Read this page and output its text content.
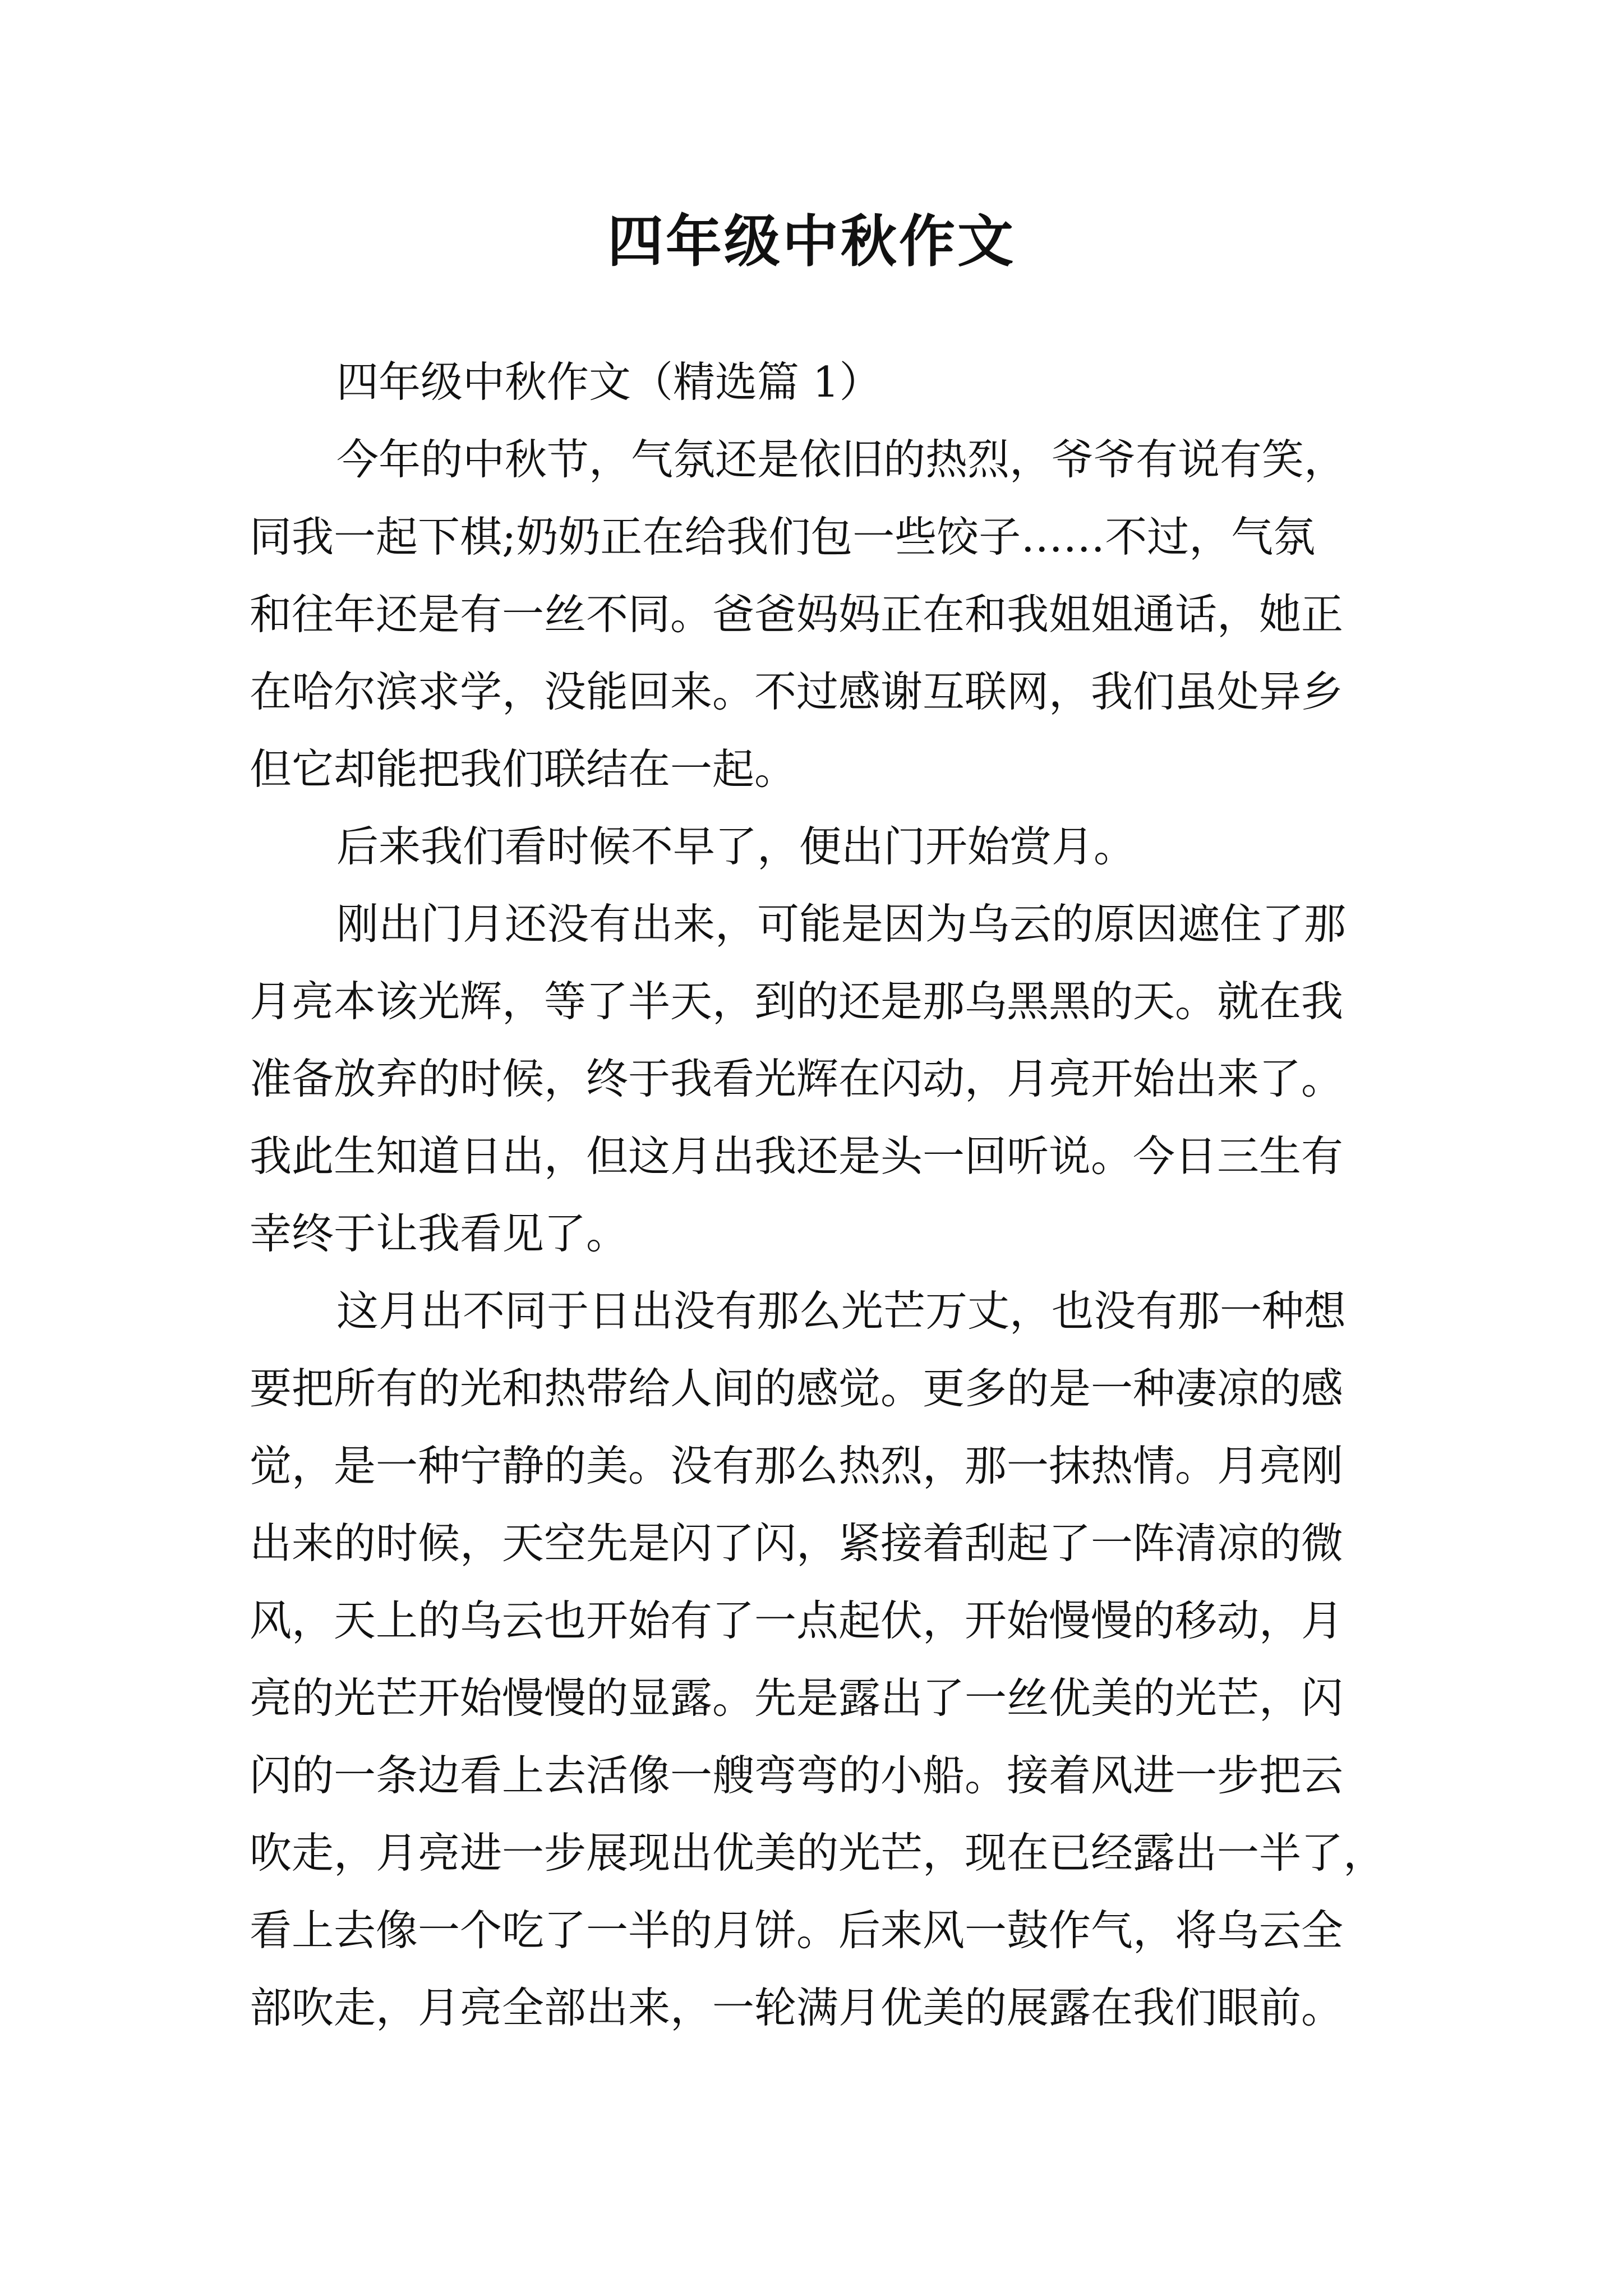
四年级中秋作文
四年级中秋作文（精选篇 1）
今年的中秋节，气氛还是依旧的热烈，爷爷有说有笑，
同我一起下棋;奶奶正在给我们包一些饺子……不过，气氛
和往年还是有一丝不同。爸爸妈妈正在和我姐姐通话，她正
在哈尔滨求学，没能回来。不过感谢互联网，我们虽处异乡
但它却能把我们联结在一起。
后来我们看时候不早了，便出门开始赏月。
刚出门月还没有出来，可能是因为乌云的原因遮住了那
月亮本该光辉，等了半天，到的还是那乌黑黑的天。就在我
准备放弃的时候，终于我看光辉在闪动，月亮开始出来了。
我此生知道日出，但这月出我还是头一回听说。今日三生有
幸终于让我看见了。
这月出不同于日出没有那么光芒万丈，也没有那一种想
要把所有的光和热带给人间的感觉。更多的是一种凄凉的感
觉，是一种宁静的美。没有那么热烈，那一抹热情。月亮刚
出来的时候，天空先是闪了闪，紧接着刮起了一阵清凉的微
风，天上的乌云也开始有了一点起伏，开始慢慢的移动，月
亮的光芒开始慢慢的显露。先是露出了一丝优美的光芒，闪
闪的一条边看上去活像一艘弯弯的小船。接着风进一步把云
吹走，月亮进一步展现出优美的光芒，现在已经露出一半了，
看上去像一个吃了一半的月饼。后来风一鼓作气，将乌云全
部吹走，月亮全部出来，一轮满月优美的展露在我们眼前。
